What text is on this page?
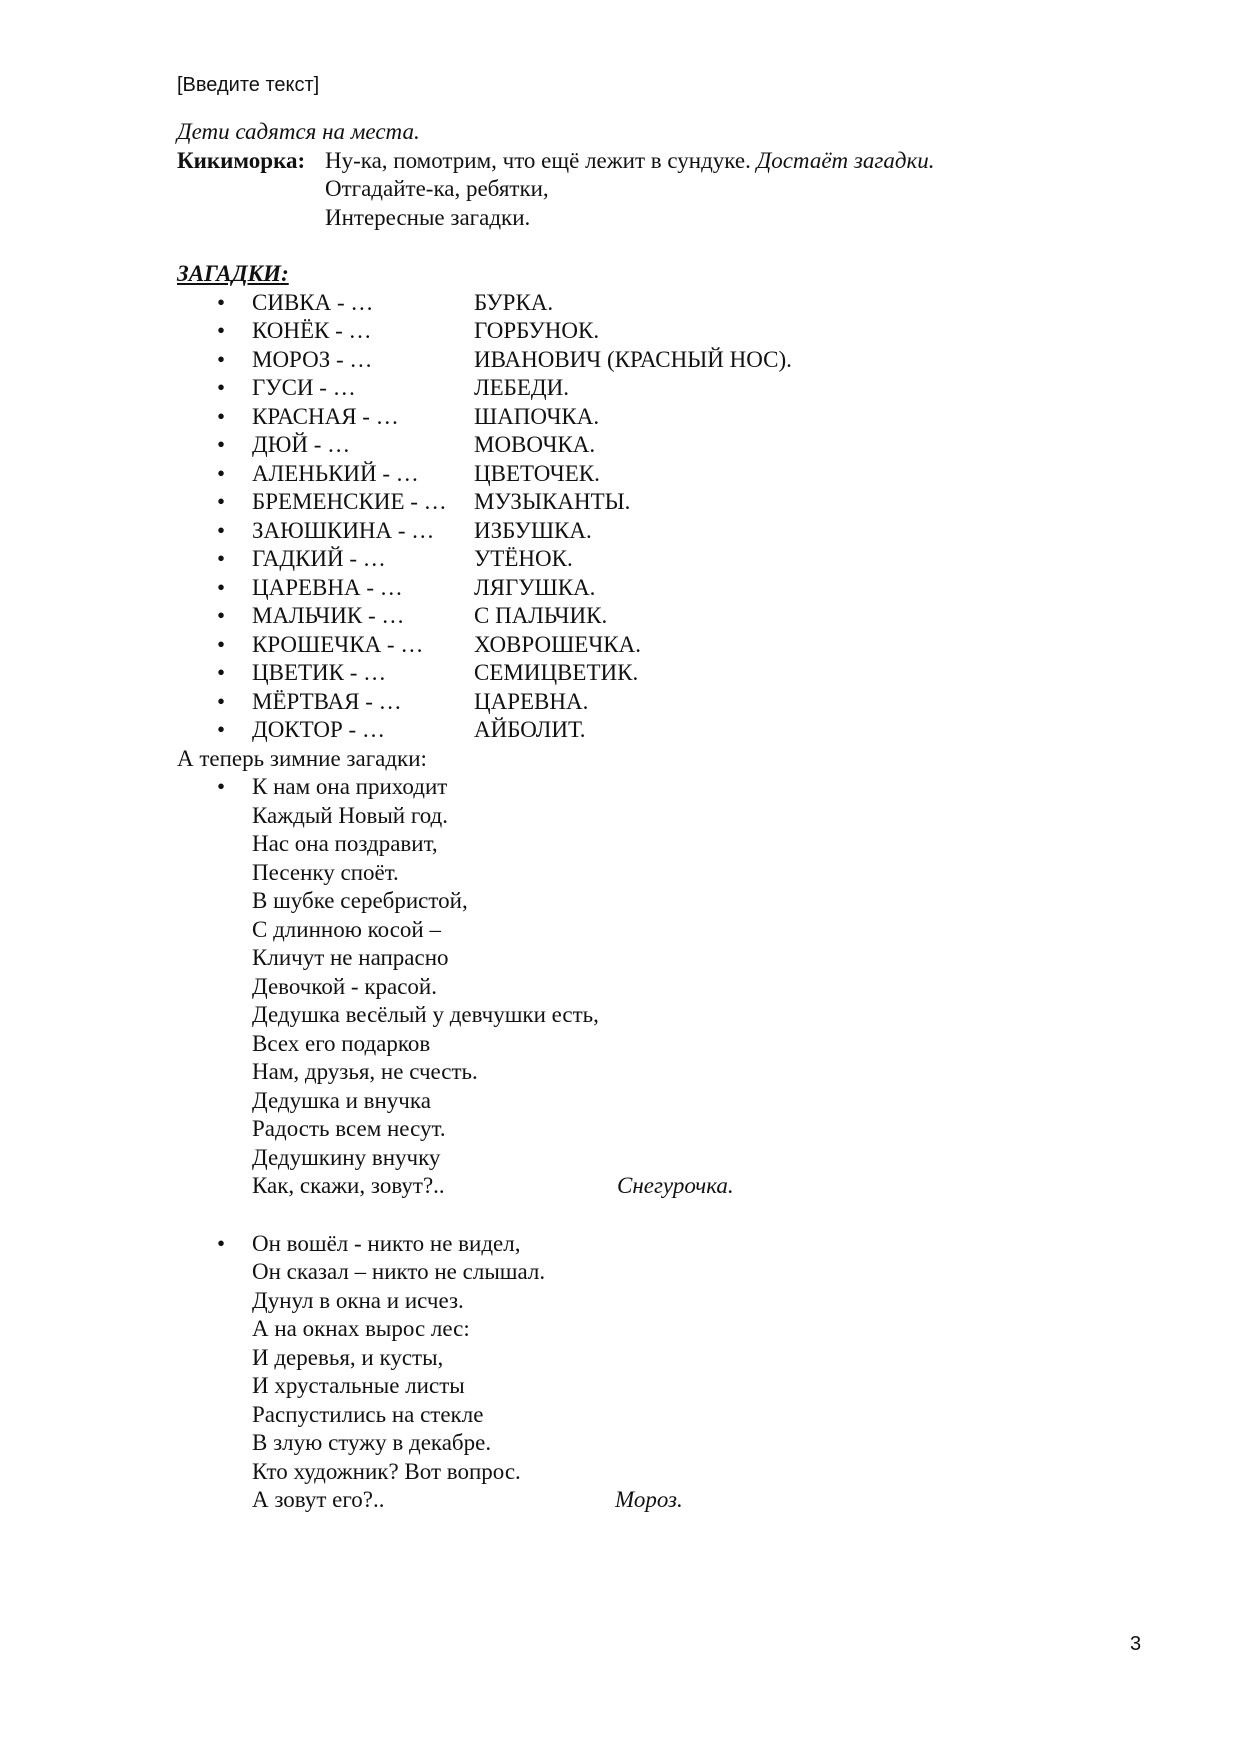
[Введите текст]
Дети садятся на места.
Кикиморка: Ну-ка, помотрим, что ещё лежит в сундуке. Достаёт загадки.
Отгадайте-ка, ребятки,
Интересные загадки.
ЗАГАДКИ:
• СИВКА - …	БУРКА.
• КОНЁК - …	ГОРБУНОК.
• МОРОЗ - …	ИВАНОВИЧ (КРАСНЫЙ НОС).
• ГУСИ - …	ЛЕБЕДИ.
• КРАСНАЯ - …	ШАПОЧКА.
• ДЮЙ - …	МОВОЧКА.
• АЛЕНЬКИЙ - …	ЦВЕТОЧЕК.
• БРЕМЕНСКИЕ - …	МУЗЫКАНТЫ.
• ЗАЮШКИНА - …	ИЗБУШКА.
• ГАДКИЙ - …	УТЁНОК.
• ЦАРЕВНА - …	ЛЯГУШКА.
• МАЛЬЧИК - …	С ПАЛЬЧИК.
• КРОШЕЧКА - …	ХОВРОШЕЧКА.
• ЦВЕТИК - …	СЕМИЦВЕТИК.
• МЁРТВАЯ - …	ЦАРЕВНА.
• ДОКТОР - …	АЙБОЛИТ.
А теперь зимние загадки:
• К нам она приходит
Каждый Новый год.
Нас она поздравит,
Песенку споёт.
В шубке серебристой,
С длинною косой –
Кличут не напрасно
Девочкой - красой.
Дедушка весёлый у девчушки есть,
Всех его подарков
Нам, друзья, не счесть.
Дедушка и внучка
Радость всем несут.
Дедушкину внучку
Как, скажи, зовут?..	Снегурочка.
• Он вошёл - никто не видел,
Он сказал – никто не слышал.
Дунул в окна и исчез.
А на окнах вырос лес:
И деревья, и кусты,
И хрустальные листы
Распустились на стекле
В злую стужу в декабре.
Кто художник? Вот вопрос.
А зовут его?..	Мороз.
3
